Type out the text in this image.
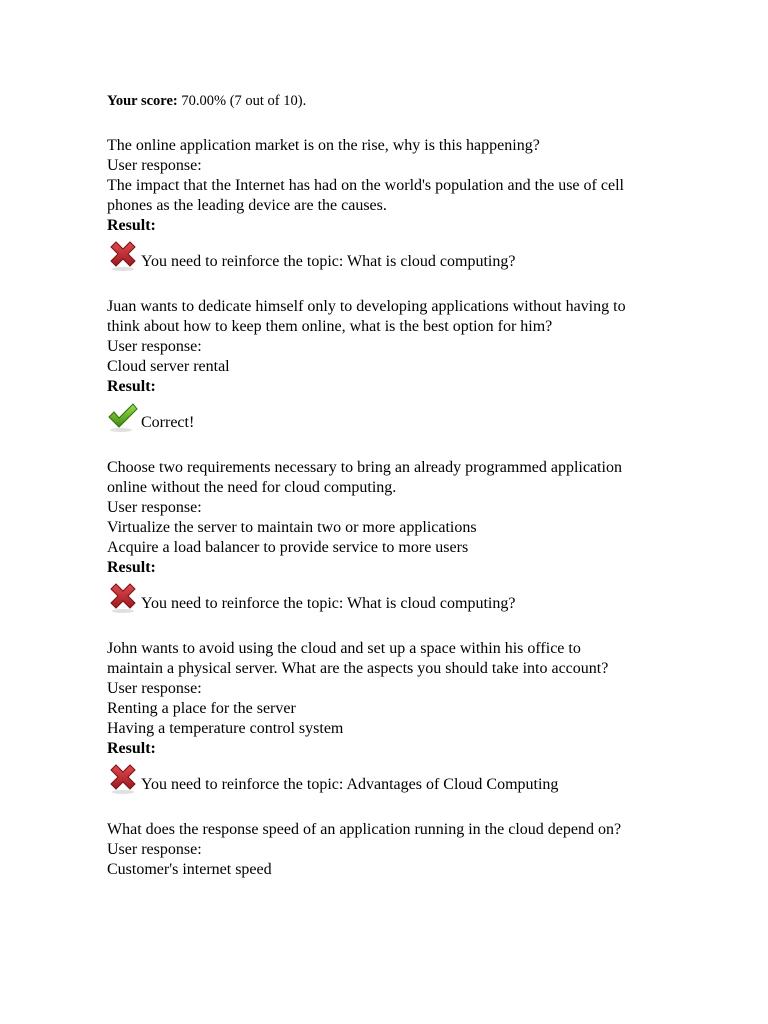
Your score: 70.00% (7 out of 10).
The online application market is on the rise, why is this happening?
User response:
The impact that the Internet has had on the world's population and the use of cell
phones as the leading device are the causes.
Result:
You need to reinforce the topic: What is cloud computing?
Juan wants to dedicate himself only to developing applications without having to
think about how to keep them online, what is the best option for him?
User response:
Cloud server rental
Result:
Correct!
Choose two requirements necessary to bring an already programmed application
online without the need for cloud computing.
User response:
Virtualize the server to maintain two or more applications
Acquire a load balancer to provide service to more users
Result:
You need to reinforce the topic: What is cloud computing?
John wants to avoid using the cloud and set up a space within his office to
maintain a physical server. What are the aspects you should take into account?
User response:
Renting a place for the server
Having a temperature control system
Result:
You need to reinforce the topic: Advantages of Cloud Computing
What does the response speed of an application running in the cloud depend on?
User response:
Customer's internet speed
